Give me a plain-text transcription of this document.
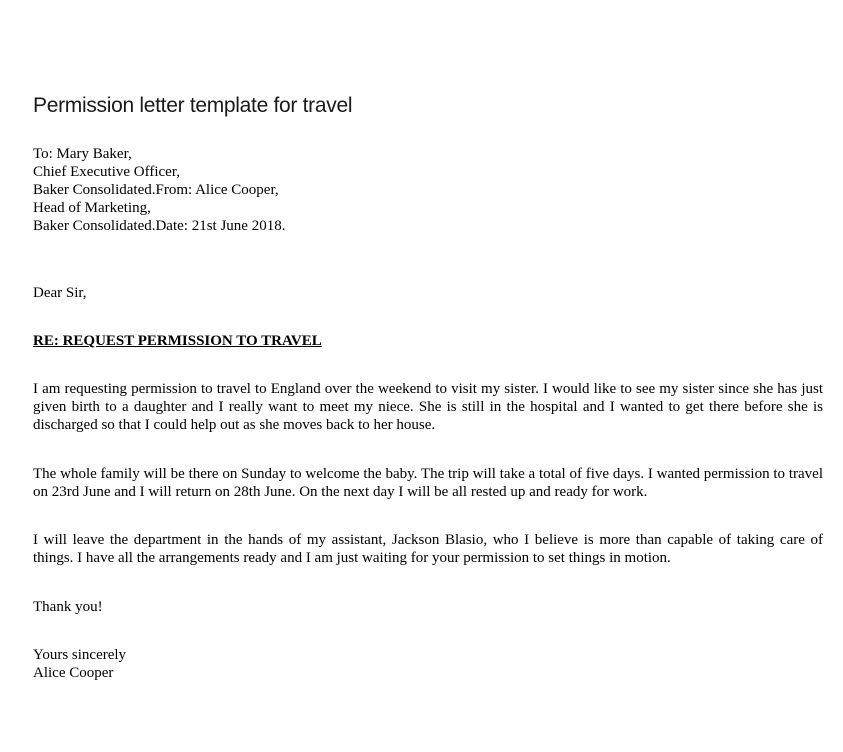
Permission letter template for travel
To: Mary Baker,
Chief Executive Officer,
Baker Consolidated.From: Alice Cooper,
Head of Marketing,
Baker Consolidated.Date: 21st June 2018.

Dear Sir,

RE: REQUEST PERMISSION TO TRAVEL

I am requesting permission to travel to England over the weekend to visit my sister. I would like to see my sister since she has just given birth to a daughter and I really want to meet my niece. She is still in the hospital and I wanted to get there before she is discharged so that I could help out as she moves back to her house.

The whole family will be there on Sunday to welcome the baby. The trip will take a total of five days. I wanted permission to travel on 23rd June and I will return on 28th June. On the next day I will be all rested up and ready for work.

I will leave the department in the hands of my assistant, Jackson Blasio, who I believe is more than capable of taking care of things. I have all the arrangements ready and I am just waiting for your permission to set things in motion.

Thank you!

Yours sincerely
Alice Cooper
